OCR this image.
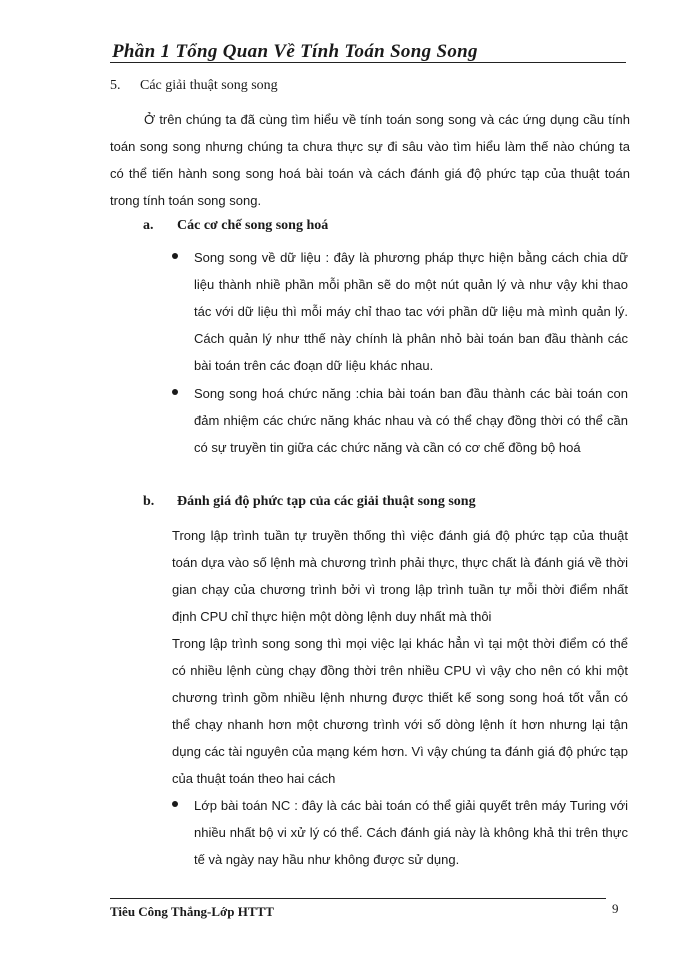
Phần 1 Tổng Quan Về Tính Toán Song Song
5. Các giải thuật song song

Ở trên chúng ta đã cùng tìm hiểu về tính toán song song và các ứng dụng cầu tính toán song song nhưng chúng ta chưa thực sự đi sâu vào tìm hiểu làm thế nào chúng ta có thể tiến hành song song hoá bài toán và cách đánh giá độ phức tạp của thuật toán trong tính toán song song.

a. Các cơ chế song song hoá

Song song về dữ liệu : đây là phương pháp thực hiện bằng cách chia dữ liệu thành nhiề phần mỗi phần sẽ do một nút quản lý và như vậy khi thao tác với dữ liệu thì mỗi máy chỉ thao tac với phần dữ liệu mà mình quản lý. Cách quản lý như tthế này chính là phân nhỏ bài toán ban đầu thành các bài toán trên các đoạn dữ liệu khác nhau.

Song song hoá chức năng :chia bài toán ban đầu thành các bài toán con đảm nhiệm các chức năng khác nhau và có thể chạy đồng thời có thể cần có sự truyền tin giữa các chức năng và cần có cơ chế đồng bộ hoá

b. Đánh giá độ phức tạp của các giải thuật song song

Trong lập trình tuần tự truyền thống thì việc đánh giá độ phức tạp của thuật toán dựa vào số lệnh mà chương trình phải thực, thực chất là đánh giá về thời gian chạy của chương trình bởi vì trong lập trình tuần tự mỗi thời điểm nhất định CPU chỉ thực hiện một dòng lệnh duy nhất mà thôi

Trong lập trình song song thì mọi việc lại khác hẳn vì tại một thời điểm có thể có nhiều lệnh cùng chạy đồng thời trên nhiều CPU vì vậy cho nên có khi một chương trình gồm nhiều lệnh nhưng được thiết kế song song hoá tốt vẫn có thể chạy nhanh hơn một chương trình với số dòng lệnh ít hơn nhưng lại tận dụng các tài nguyên của mạng kém hơn. Vì vậy chúng ta đánh giá độ phức tạp của thuật toán theo hai cách

Lớp bài toán NC : đây là các bài toán có thể giải quyết trên máy Turing với nhiều nhất bộ vi xử lý có thể. Cách đánh giá này là không khả thi trên thực tế và ngày nay hầu như không được sử dụng.

Tiêu Công Thắng-Lớp HTTT	9
